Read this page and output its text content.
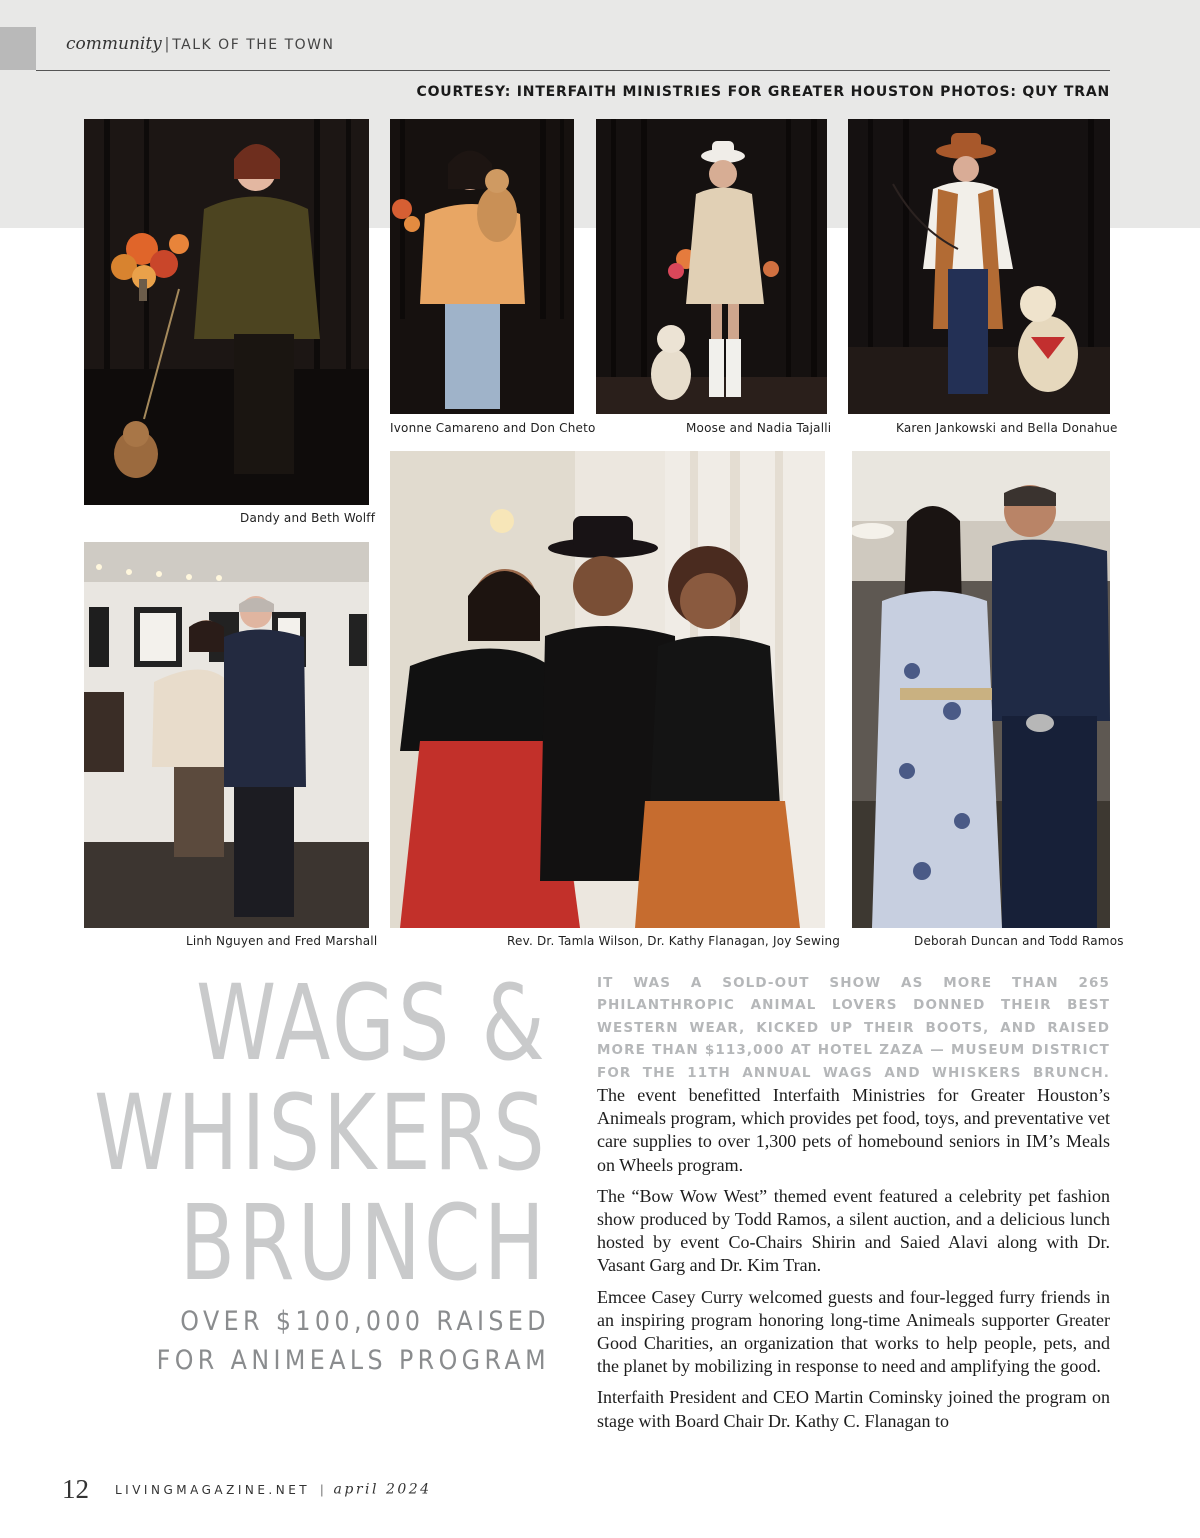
community | TALK OF THE TOWN
COURTESY: INTERFAITH MINISTRIES FOR GREATER HOUSTON PHOTOS: QUY TRAN
Dandy and Beth Wolff
Ivonne Camareno and Don Cheto	Moose and Nadia Tajalli	Karen Jankowski and Bella Donahue
Linh Nguyen and Fred Marshall	Rev. Dr. Tamla Wilson, Dr. Kathy Flanagan, Joy Sewing	Deborah Duncan and Todd Ramos
WAGS &
WHISKERS
BRUNCH
OVER $100,000 RAISED
FOR ANIMEALS PROGRAM

IT WAS A SOLD-OUT SHOW AS MORE THAN 265 PHILANTHROPIC ANIMAL LOVERS DONNED THEIR BEST WESTERN WEAR, KICKED UP THEIR BOOTS, AND RAISED MORE THAN $113,000 AT HOTEL ZAZA — MUSEUM DISTRICT FOR THE 11TH ANNUAL WAGS AND WHISKERS BRUNCH.

The event benefitted Interfaith Ministries for Greater Houston’s Animeals program, which provides pet food, toys, and preventative vet care supplies to over 1,300 pets of homebound seniors in IM’s Meals on Wheels program.

The “Bow Wow West” themed event featured a celebrity pet fashion show produced by Todd Ramos, a silent auction, and a delicious lunch hosted by event Co-Chairs Shirin and Saied Alavi along with Dr. Vasant Garg and Dr. Kim Tran.

Emcee Casey Curry welcomed guests and four-legged furry friends in an inspiring program honoring long-time Animeals supporter Greater Good Charities, an organization that works to help people, pets, and the planet by mobilizing in response to need and amplifying the good.

Interfaith President and CEO Martin Cominsky joined the program on stage with Board Chair Dr. Kathy C. Flanagan to

12 LIVINGMAGAZINE.NET | april 2024
